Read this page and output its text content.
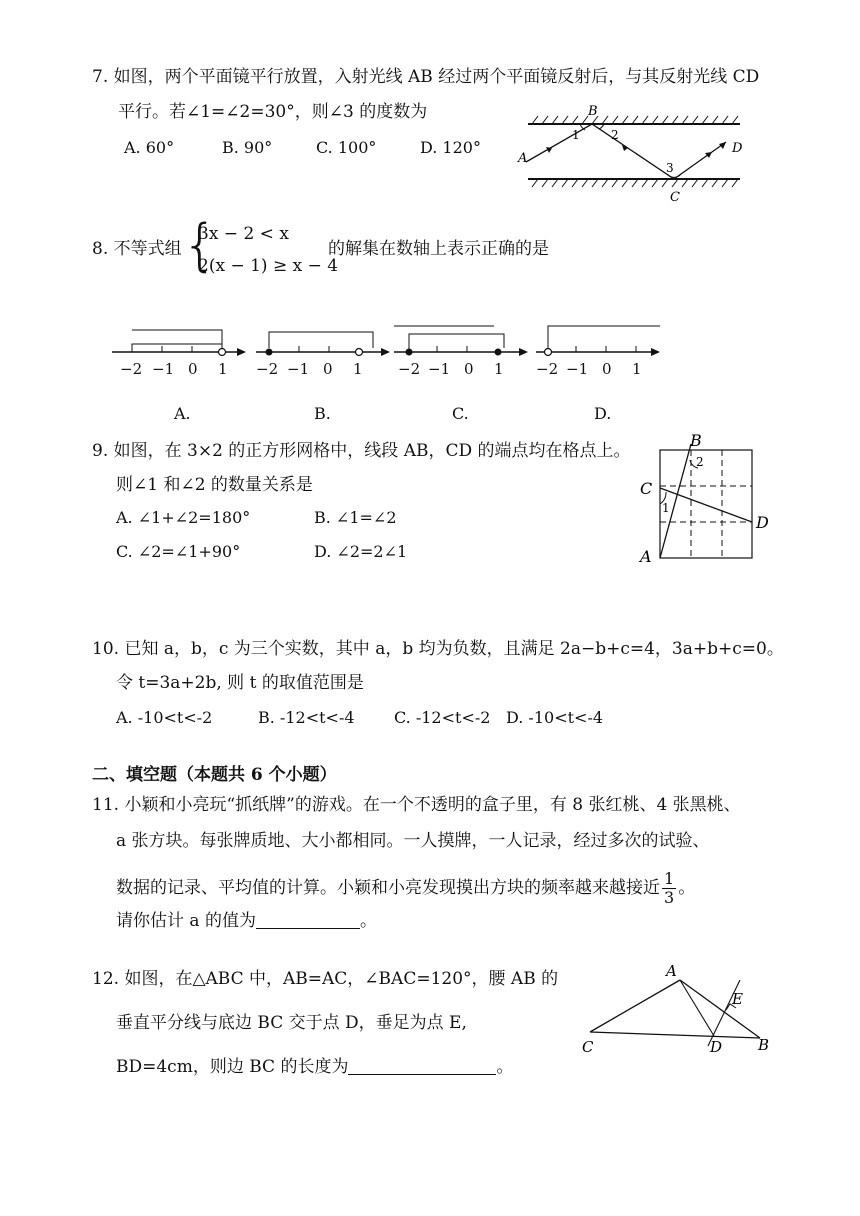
7. 如图，两个平面镜平行放置，入射光线 AB 经过两个平面镜反射后，与其反射光线 CD
平行。若∠1=∠2=30°，则∠3 的度数为
A. 60°	B. 90°	C. 100°	D. 120°
A
B
C
D
1	2
3
8. 不等式组 {
3x − 2 < x
2(x − 1) ≥ x − 4
的解集在数轴上表示正确的是
−2 −1 0 1 −2 −1 0 1 −2 −1 0 1 −2 −1 0 1
A.	B.	C.	D.
9. 如图，在 3×2 的正方形网格中，线段 AB，CD 的端点均在格点上。
则∠1 和∠2 的数量关系是
A. ∠1+∠2=180°	B. ∠1=∠2
C. ∠2=∠1+90°	D. ∠2=2∠1
B
C
D
A
1
2
10. 已知 a，b，c 为三个实数，其中 a，b 均为负数，且满足 2a−b+c=4，3a+b+c=0。
令 t=3a+2b, 则 t 的取值范围是
A. -10<t<-2	B. -12<t<-4 C. -12<t<-2 D. -10<t<-4
二、填空题（本题共 6 个小题）
11. 小颖和小亮玩“抓纸牌”的游戏。在一个不透明的盒子里，有 8 张红桃、4 张黑桃、
a 张方块。每张牌质地、大小都相同。一人摸牌，一人记录，经过多次的试验、
数据的记录、平均值的计算。小颖和小亮发现摸出方块的频率越来越接近 $\frac{1}{3}$ 。
请你估计 a 的值为	。
12. 如图，在△ABC 中，AB=AC，∠BAC=120°，腰 AB 的
垂直平分线与底边 BC 交于点 D，垂足为点 E,
BD=4cm，则边 BC 的长度为	。
A
B
C	D
E
